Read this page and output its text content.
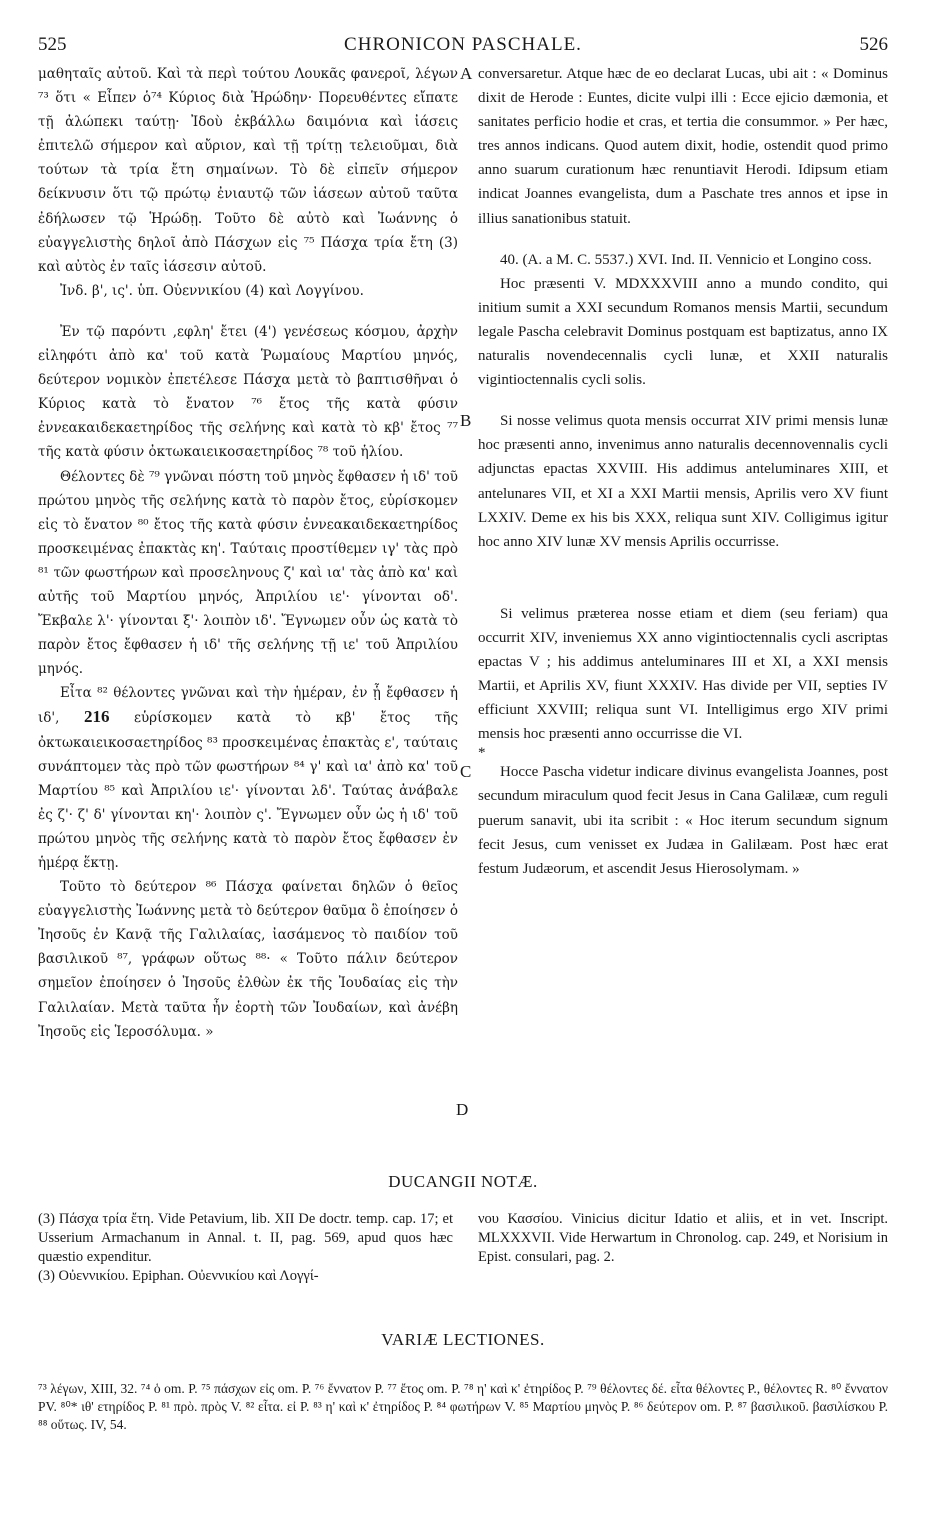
525	CHRONICON PASCHALE.	526

μαθηταῖς αὐτοῦ. Καὶ τὰ περὶ τούτου Λουκᾶς φανεροῖ, λέγων ⁷³ ὅτι « Εἶπεν ὁ⁷⁴ Κύριος διὰ Ἡρώδην· Πορευθέντες εἴπατε τῇ ἀλώπεκι ταύτῃ· Ἰδοὺ ἐκβάλλω δαιμόνια καὶ ἰάσεις ἐπιτελῶ σήμερον καὶ αὔριον, καὶ τῇ τρίτῃ τελειοῦμαι, διὰ τούτων τὰ τρία ἔτη σημαίνων. Τὸ δὲ εἰπεῖν σήμερον δείκνυσιν ὅτι τῷ πρώτῳ ἐνιαυτῷ τῶν ἰάσεων αὐτοῦ ταῦτα ἐδήλωσεν τῷ Ἡρώδῃ. Τοῦτο δὲ αὐτὸ καὶ Ἰωάννης ὁ εὐαγγελιστὴς δηλοῖ ἀπὸ Πάσχων εἰς ⁷⁵ Πάσχα τρία ἔτη (3) καὶ αὐτὸς ἐν ταῖς ἰάσεσιν αὐτοῦ.

Ἰνδ. β', ις'. ὑπ. Οὐεννικίου (4) καὶ Λογγίνου.

Ἐν τῷ παρόντι ,εφλη' ἔτει (4') γενέσεως κόσμου, ἀρχὴν εἰληφότι ἀπὸ κα' τοῦ κατὰ Ῥωμαίους Μαρτίου μηνός, δεύτερον νομικὸν ἐπετέλεσε Πάσχα μετὰ τὸ βαπτισθῆναι ὁ Κύριος κατὰ τὸ ἔνατον ⁷⁶ ἔτος τῆς κατὰ φύσιν ἐννεακαιδεκαετηρίδος τῆς σελήνης καὶ κατὰ τὸ κβ' ἔτος ⁷⁷ τῆς κατὰ φύσιν ὀκτωκαιεικοσαετηρίδος ⁷⁸ τοῦ ἡλίου.

Θέλοντες δὲ ⁷⁹ γνῶναι πόστη τοῦ μηνὸς ἔφθασεν ἡ ιδ' τοῦ πρώτου μηνὸς τῆς σελήνης κατὰ τὸ παρὸν ἔτος, εὑρίσκομεν εἰς τὸ ἔνατον ⁸⁰ ἔτος τῆς κατὰ φύσιν ἐννεακαιδεκαετηρίδος προσκειμένας ἐπακτὰς κη'. Ταύταις προστίθεμεν ιγ' τὰς πρὸ ⁸¹ τῶν φωστήρων καὶ προσεληνους ζ' καὶ ια' τὰς ἀπὸ κα' καὶ αὐτῆς τοῦ Μαρτίου μηνός, Ἀπριλίου ιε'· γίνονται οδ'. Ἔκβαλε λ'· γίνονται ξ'· λοιπὸν ιδ'. Ἔγνωμεν οὖν ὡς κατὰ τὸ παρὸν ἔτος ἔφθασεν ἡ ιδ' τῆς σελήνης τῇ ιε' τοῦ Ἀπριλίου μηνός.

Εἶτα ⁸² θέλοντες γνῶναι καὶ τὴν ἡμέραν, ἐν ᾗ ἔφθασεν ἡ ιδ', 216 εὑρίσκομεν κατὰ τὸ κβ' ἔτος τῆς ὀκτωκαιεικοσαετηρίδος ⁸³ προσκειμένας ἐπακτὰς ε', ταύταις συνάπτομεν τὰς πρὸ τῶν φωστήρων ⁸⁴ γ' καὶ ια' ἀπὸ κα' τοῦ Μαρτίου ⁸⁵ καὶ Ἀπριλίου ιε'· γίνονται λδ'. Ταύτας ἀνάβαλε ἐς ζ'· ζ' δ' γίνονται κη'· λοιπὸν ς'. Ἔγνωμεν οὖν ὡς ἡ ιδ' τοῦ πρώτου μηνὸς τῆς σελήνης κατὰ τὸ παρὸν ἔτος ἔφθασεν ἐν ἡμέρᾳ ἕκτῃ.

Τοῦτο τὸ δεύτερον ⁸⁶ Πάσχα φαίνεται δηλῶν ὁ θεῖος εὐαγγελιστὴς Ἰωάννης μετὰ τὸ δεύτερον θαῦμα ὃ ἐποίησεν ὁ Ἰησοῦς ἐν Κανᾷ τῆς Γαλιλαίας, ἰασάμενος τὸ παιδίον τοῦ βασιλικοῦ ⁸⁷, γράφων οὕτως ⁸⁸· « Τοῦτο πάλιν δεύτερον σημεῖον ἐποίησεν ὁ Ἰησοῦς ἐλθὼν ἐκ τῆς Ἰουδαίας εἰς τὴν Γαλιλαίαν. Μετὰ ταῦτα ἦν ἑορτὴ τῶν Ἰουδαίων, καὶ ἀνέβη Ἰησοῦς εἰς Ἱεροσόλυμα. »

A
B
C
D

conversaretur. Atque hæc de eo declarat Lucas, ubi ait : « Dominus dixit de Herode : Euntes, dicite vulpi illi : Ecce ejicio dæmonia, et sanitates perficio hodie et cras, et tertia die consummor. » Per hæc, tres annos indicans. Quod autem dixit, hodie, ostendit quod primo anno suarum curationum hæc renuntiavit Herodi. Idipsum etiam indicat Joannes evangelista, dum a Paschate tres annos et ipse in illius sanationibus statuit.

40. (A. a M. C. 5537.) XVI. Ind. II. Vennicio et Longino coss.

Hoc præsenti V. MDXXXVIII anno a mundo condito, qui initium sumit a XXI secundum Romanos mensis Martii, secundum legale Pascha celebravit Dominus postquam est baptizatus, anno IX naturalis novendecennalis cycli lunæ, et XXII naturalis vigintioctennalis cycli solis.

Si nosse velimus quota mensis occurrat XIV primi mensis lunæ hoc præsenti anno, invenimus anno naturalis decennovennalis cycli adjunctas epactas XXVIII. His addimus anteluminares XIII, et antelunares VII, et XI a XXI Martii mensis, Aprilis vero XV fiunt LXXIV. Deme ex his bis XXX, reliqua sunt XIV. Colligimus igitur hoc anno XIV lunæ XV mensis Aprilis occurrisse.

Si velimus præterea nosse etiam et diem (seu feriam) qua occurrit XIV, inveniemus XX anno vigintioctennalis cycli ascriptas epactas V ; his addimus anteluminares III et XI, a XXI mensis Martii, et Aprilis XV, fiunt XXXIV. Has divide per VII, septies IV efficiunt XXVIII; reliqua sunt VI. Intelligimus ergo XIV primi mensis hoc præsenti anno occurrisse die VI.

*

Hocce Pascha videtur indicare divinus evangelista Joannes, post secundum miraculum quod fecit Jesus in Cana Galilææ, cum reguli puerum sanavit, ubi ita scribit : « Hoc iterum secundum signum fecit Jesus, cum venisset ex Judæa in Galilæam. Post hæc erat festum Judæorum, et ascendit Jesus Hierosolymam. »

DUCANGII NOTÆ.

(3) Πάσχα τρία ἔτη. Vide Petavium, lib. XII De doctr. temp. cap. 17; et Usserium Armachanum in Annal. t. II, pag. 569, apud quos hæc quæstio expenditur.

(3) Οὐεννικίου. Epiphan. Οὐεννικίου καὶ Λογγί-

νου Κασσίου. Vinicius dicitur Idatio et aliis, et in vet. Inscript. MLXXXVII. Vide Herwartum in Chronolog. cap. 249, et Norisium in Epist. consulari, pag. 2.

VARIÆ LECTIONES.

⁷³ λέγων, XIII, 32. ⁷⁴ ὁ om. P. ⁷⁵ πάσχων εἰς om. P. ⁷⁶ ἔννατον P. ⁷⁷ ἔτος om. P. ⁷⁸ η' καὶ κ' ἐτηρίδος P. ⁷⁹ θέλοντες δέ. εἶτα θέλοντες P., θέλοντες R. ⁸⁰ ἔννατον PV. ⁸⁰* ιθ' ετηρίδος P. ⁸¹ πρὸ. πρὸς V. ⁸² εἶτα. εἰ P. ⁸³ η' καὶ κ' ἐτηρίδος P. ⁸⁴ φωτήρων V. ⁸⁵ Μαρτίου μηνὸς P. ⁸⁶ δεύτερον om. P. ⁸⁷ βασιλικοῦ. βασιλίσκου P. ⁸⁸ οὕτως. IV, 54.
